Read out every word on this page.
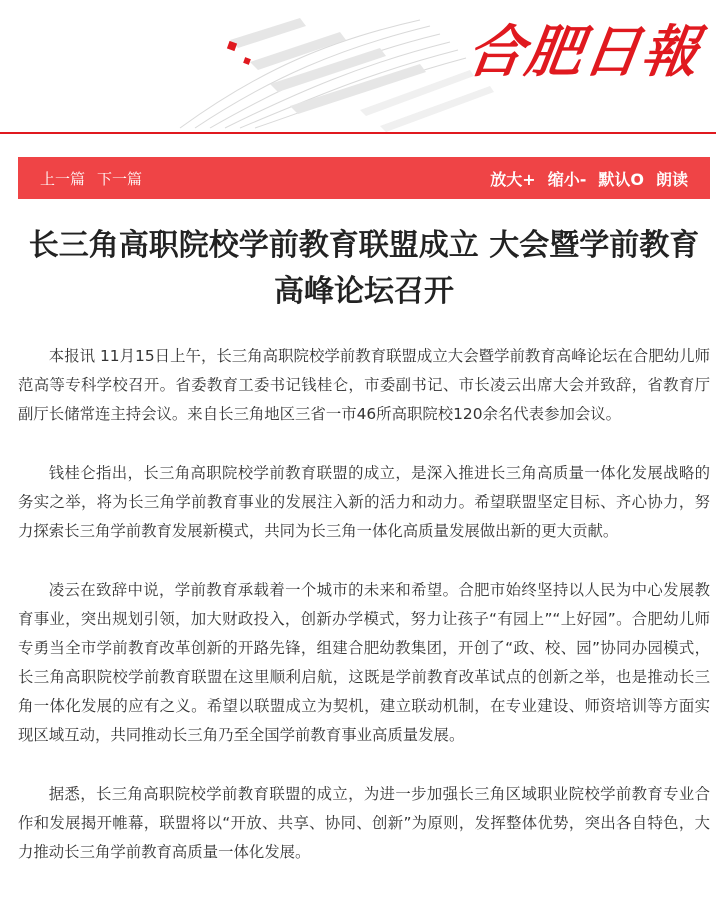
合肥日報
上一篇 下一篇	放大+ 缩小- 默认O 朗读
长三角高职院校学前教育联盟成立 大会暨学前教育高峰论坛召开

本报讯 11月15日上午，长三角高职院校学前教育联盟成立大会暨学前教育高峰论坛在合肥幼儿师范高等专科学校召开。省委教育工委书记钱桂仑，市委副书记、市长凌云出席大会并致辞，省教育厅副厅长储常连主持会议。来自长三角地区三省一市46所高职院校120余名代表参加会议。

钱桂仑指出，长三角高职院校学前教育联盟的成立，是深入推进长三角高质量一体化发展战略的务实之举，将为长三角学前教育事业的发展注入新的活力和动力。希望联盟坚定目标、齐心协力，努力探索长三角学前教育发展新模式，共同为长三角一体化高质量发展做出新的更大贡献。

凌云在致辞中说，学前教育承载着一个城市的未来和希望。合肥市始终坚持以人民为中心发展教育事业，突出规划引领，加大财政投入，创新办学模式，努力让孩子“有园上”“上好园”。合肥幼儿师专勇当全市学前教育改革创新的开路先锋，组建合肥幼教集团，开创了“政、校、园”协同办园模式，长三角高职院校学前教育联盟在这里顺利启航，这既是学前教育改革试点的创新之举，也是推动长三角一体化发展的应有之义。希望以联盟成立为契机，建立联动机制，在专业建设、师资培训等方面实现区域互动，共同推动长三角乃至全国学前教育事业高质量发展。

据悉，长三角高职院校学前教育联盟的成立，为进一步加强长三角区域职业院校学前教育专业合作和发展揭开帷幕，联盟将以“开放、共享、协同、创新”为原则，发挥整体优势，突出各自特色，大力推动长三角学前教育高质量一体化发展。
